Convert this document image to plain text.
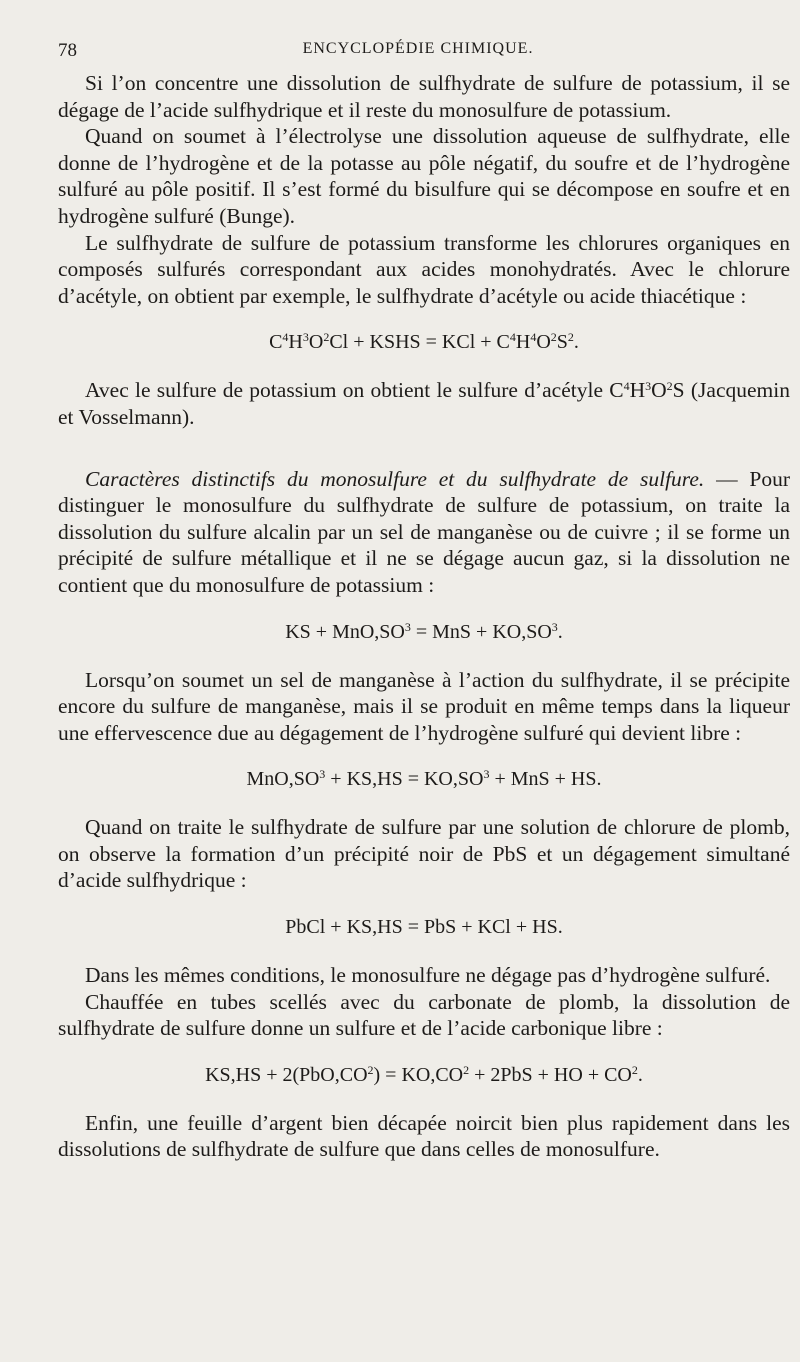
78	ENCYCLOPÉDIE CHIMIQUE.

Si l’on concentre une dissolution de sulfhydrate de sulfure de potassium, il se dégage de l’acide sulfhydrique et il reste du monosulfure de potassium.

Quand on soumet à l’électrolyse une dissolution aqueuse de sulfhydrate, elle donne de l’hydrogène et de la potasse au pôle négatif, du soufre et de l’hydrogène sulfuré au pôle positif. Il s’est formé du bisulfure qui se décompose en soufre et en hydrogène sulfuré (Bunge).

Le sulfhydrate de sulfure de potassium transforme les chlorures organiques en composés sulfurés correspondant aux acides monohydratés. Avec le chlorure d’acétyle, on obtient par exemple, le sulfhydrate d’acétyle ou acide thiacétique :

$C^4H^3O^2Cl$ + KSHS = KCl + $C^4H^4O^2S^2$.

Avec le sulfure de potassium on obtient le sulfure d’acétyle $C^4H^3O^2S$ (Jacquemin et Vosselmann).

Caractères distinctifs du monosulfure et du sulfhydrate de sulfure. — Pour distinguer le monosulfure du sulfhydrate de sulfure de potassium, on traite la dissolution du sulfure alcalin par un sel de manganèse ou de cuivre ; il se forme un précipité de sulfure métallique et il ne se dégage aucun gaz, si la dissolution ne contient que du monosulfure de potassium :

KS + $MnO,SO^3$ = MnS + $KO,SO^3$.

Lorsqu’on soumet un sel de manganèse à l’action du sulfhydrate, il se précipite encore du sulfure de manganèse, mais il se produit en même temps dans la liqueur une effervescence due au dégagement de l’hydrogène sulfuré qui devient libre :

$MnO,SO^3 + KS,HS = KO,SO^3$ + MnS + HS.

Quand on traite le sulfhydrate de sulfure par une solution de chlorure de plomb, on observe la formation d’un précipité noir de PbS et un dégagement simultané d’acide sulfhydrique :

PbCl + KS,HS = PbS + KCl + HS.

Dans les mêmes conditions, le monosulfure ne dégage pas d’hydrogène sulfuré.

Chauffée en tubes scellés avec du carbonate de plomb, la dissolution de sulfhydrate de sulfure donne un sulfure et de l’acide carbonique libre :

$KS,HS + 2(PbO,CO^2) = KO,CO^2 + 2PbS$ + HO + $CO^2$.

Enfin, une feuille d’argent bien décapée noircit bien plus rapidement dans les dissolutions de sulfhydrate de sulfure que dans celles de monosulfure.
